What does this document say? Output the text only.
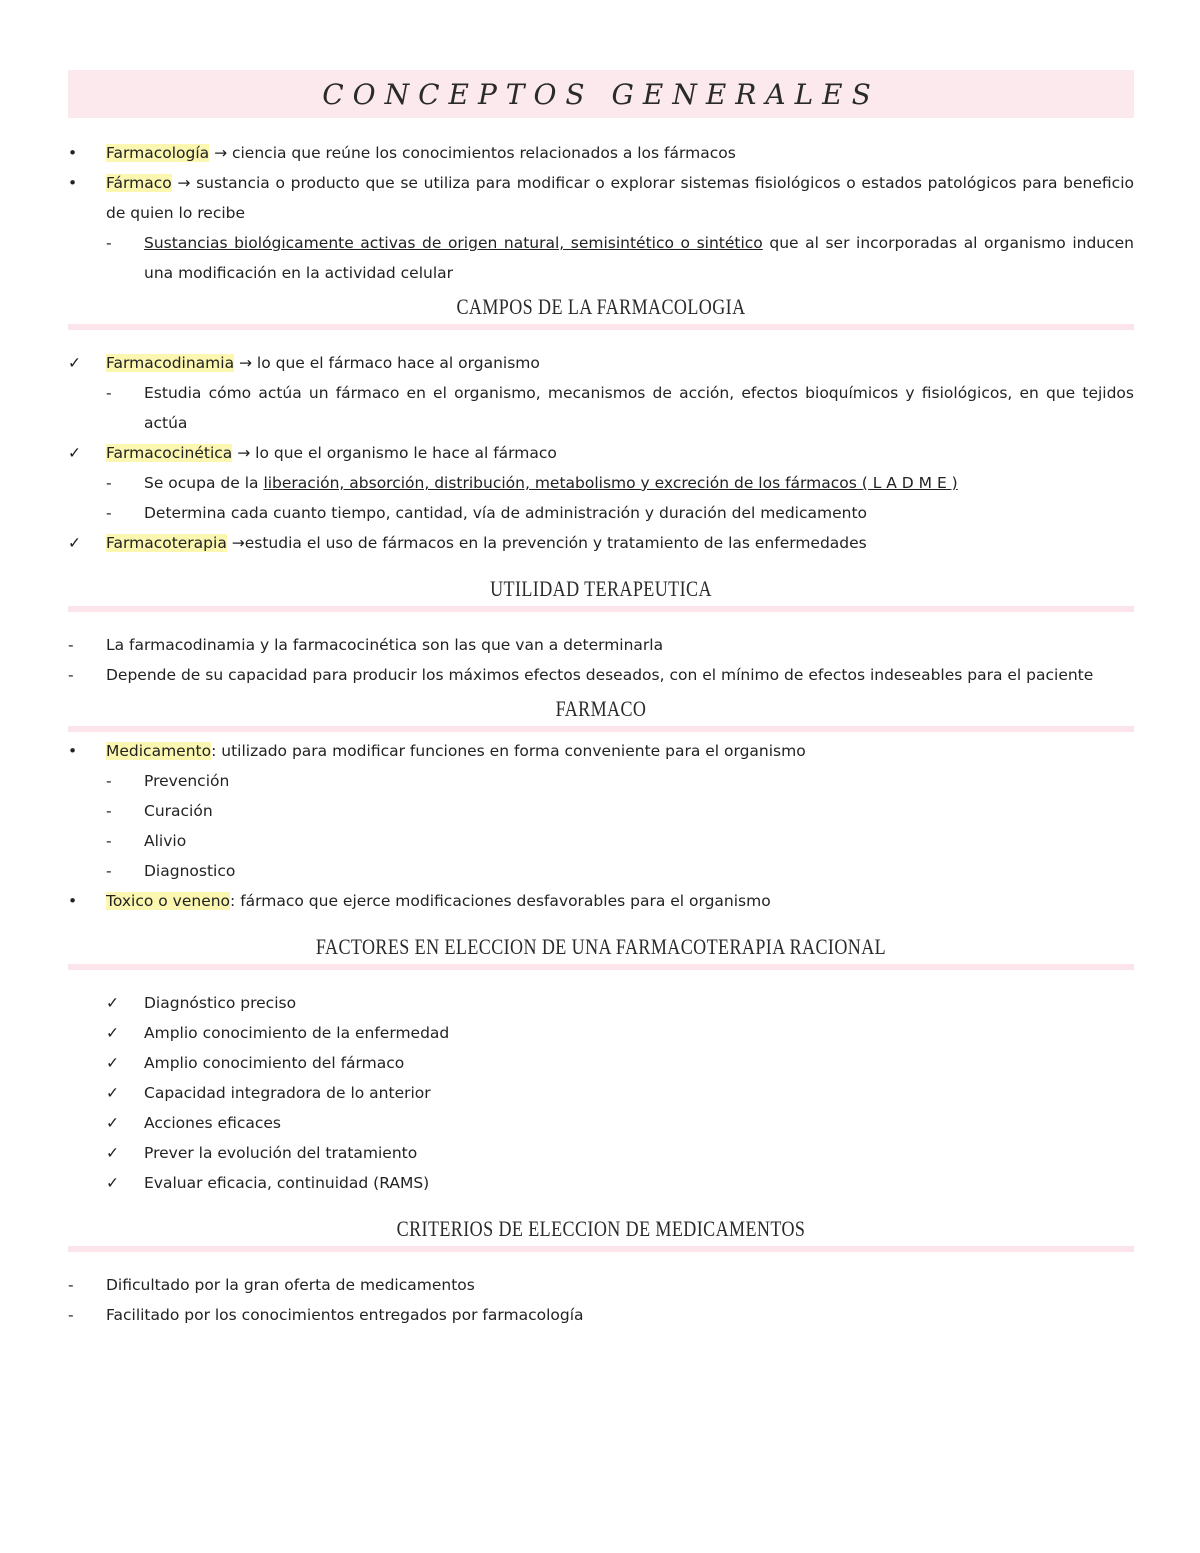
CONCEPTOS GENERALES
•	Farmacología → ciencia que reúne los conocimientos relacionados a los fármacos
•	Fármaco → sustancia o producto que se utiliza para modificar o explorar sistemas fisiológicos o estados patológicos para beneficio de quien lo recibe
-	Sustancias biológicamente activas de origen natural, semisintético o sintético que al ser incorporadas al organismo inducen una modificación en la actividad celular
CAMPOS DE LA FARMACOLOGIA
✓	Farmacodinamia → lo que el fármaco hace al organismo
-	Estudia cómo actúa un fármaco en el organismo, mecanismos de acción, efectos bioquímicos y fisiológicos, en que tejidos actúa
✓	Farmacocinética → lo que el organismo le hace al fármaco
-	Se ocupa de la liberación, absorción, distribución, metabolismo y excreción de los fármacos ( L A D M E )
-	Determina cada cuanto tiempo, cantidad, vía de administración y duración del medicamento
✓	Farmacoterapia →estudia el uso de fármacos en la prevención y tratamiento de las enfermedades
UTILIDAD TERAPEUTICA
-	La farmacodinamia y la farmacocinética son las que van a determinarla
-	Depende de su capacidad para producir los máximos efectos deseados, con el mínimo de efectos indeseables para el paciente
FARMACO
•	Medicamento: utilizado para modificar funciones en forma conveniente para el organismo
-	Prevención
-	Curación
-	Alivio
-	Diagnostico
•	Toxico o veneno: fármaco que ejerce modificaciones desfavorables para el organismo
FACTORES EN ELECCION DE UNA FARMACOTERAPIA RACIONAL
✓	Diagnóstico preciso
✓	Amplio conocimiento de la enfermedad
✓	Amplio conocimiento del fármaco
✓	Capacidad integradora de lo anterior
✓	Acciones eficaces
✓	Prever la evolución del tratamiento
✓	Evaluar eficacia, continuidad (RAMS)
CRITERIOS DE ELECCION DE MEDICAMENTOS
-	Dificultado por la gran oferta de medicamentos
-	Facilitado por los conocimientos entregados por farmacología
